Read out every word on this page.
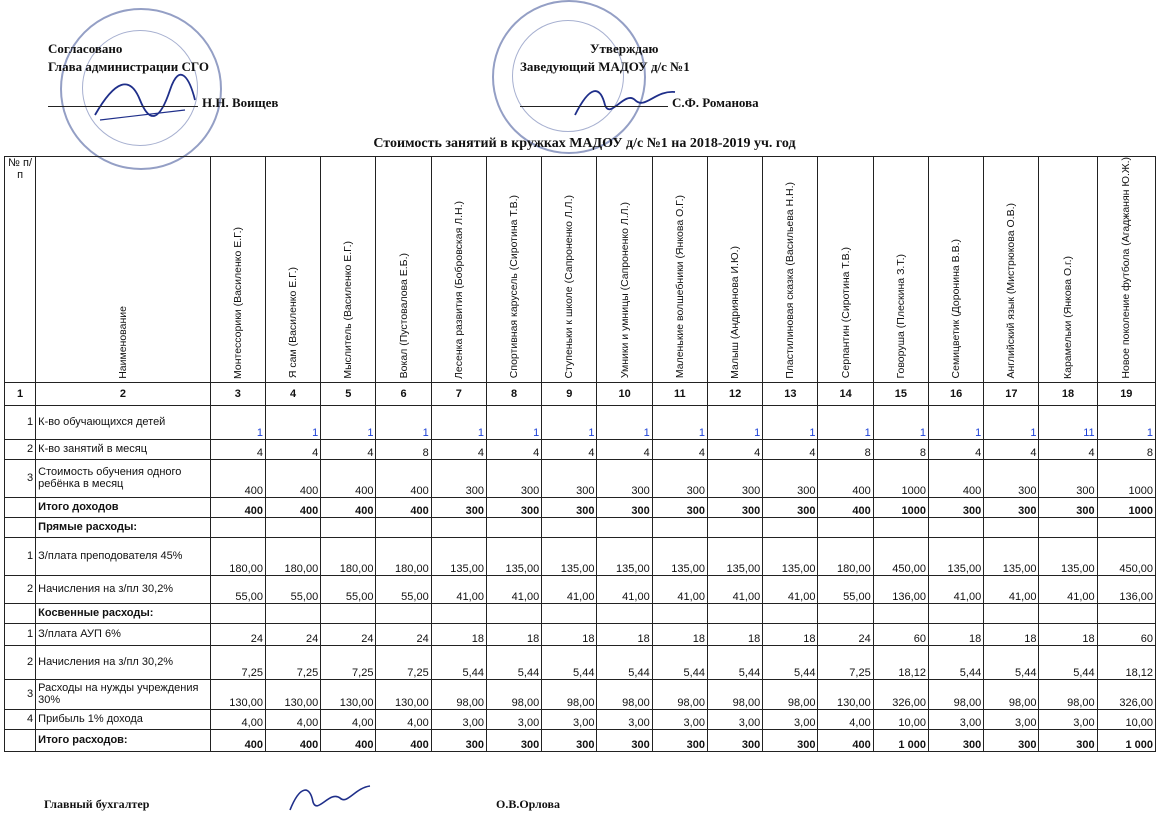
Согласовано
Глава администрации СГО
Н.Н. Воищев
Утверждаю
Заведующий МАДОУ д/с №1
С.Ф. Романова
Стоимость занятий в кружках МАДОУ д/с №1 на 2018-2019 уч. год
№ п/п	Наименование	Монтессорики (Василенко Е.Г.)	Я сам (Василенко Е.Г.)	Мыслитель (Василенко Е.Г.)	Вокал (Пустовалова Е.Б.)	Лесенка развития (Бобровская Л.Н.)	Спортивная карусель (Сиротина Т.В.)	Ступеньки к школе (Сапроненко Л.Л.)	Умники и умницы (Сапроненко Л.Л.)	Маленькие волшебники (Янкова О.Г.)	Малыш (Андриянова И.Ю.)	Пластилиновая сказка (Васильева Н.Н.)	Серпантин (Сиротина Т.В.)	Говоруша (Плескина З.Т.)	Семицветик (Доронина В.В.)	Английский язык (Мистрюкова О.В.)	Карамельки (Янкова О.г.)	Новое поколение футбола (Агаджанян Ю.Ж.)
1	2	3	4	5	6	7	8	9	10	11	12	13	14	15	16	17	18	19
1	К-во обучающихся детей	1	1	1	1	1	1	1	1	1	1	1	1	1	1	1	11	1
2	К-во занятий в месяц	4	4	4	8	4	4	4	4	4	4	4	8	8	4	4	4	8
3	Стоимость обучения одного ребёнка в месяц	400	400	400	400	300	300	300	300	300	300	300	400	1000	400	300	300	1000
	Итого доходов	400	400	400	400	300	300	300	300	300	300	300	400	1000	300	300	300	1000
	Прямые расходы:																	
1	З/плата преподователя 45%	180,00	180,00	180,00	180,00	135,00	135,00	135,00	135,00	135,00	135,00	135,00	180,00	450,00	135,00	135,00	135,00	450,00
2	Начисления на з/пл 30,2%	55,00	55,00	55,00	55,00	41,00	41,00	41,00	41,00	41,00	41,00	41,00	55,00	136,00	41,00	41,00	41,00	136,00
	Косвенные расходы:																	
1	З/плата АУП 6%	24	24	24	24	18	18	18	18	18	18	18	24	60	18	18	18	60
2	Начисления на з/пл 30,2%	7,25	7,25	7,25	7,25	5,44	5,44	5,44	5,44	5,44	5,44	5,44	7,25	18,12	5,44	5,44	5,44	18,12
3	Расходы на нужды учреждения 30%	130,00	130,00	130,00	130,00	98,00	98,00	98,00	98,00	98,00	98,00	98,00	130,00	326,00	98,00	98,00	98,00	326,00
4	Прибыль 1% дохода	4,00	4,00	4,00	4,00	3,00	3,00	3,00	3,00	3,00	3,00	3,00	4,00	10,00	3,00	3,00	3,00	10,00
	Итого расходов:	400	400	400	400	300	300	300	300	300	300	300	400	1 000	300	300	300	1 000
Главный бухгалтер	О.В.Орлова
